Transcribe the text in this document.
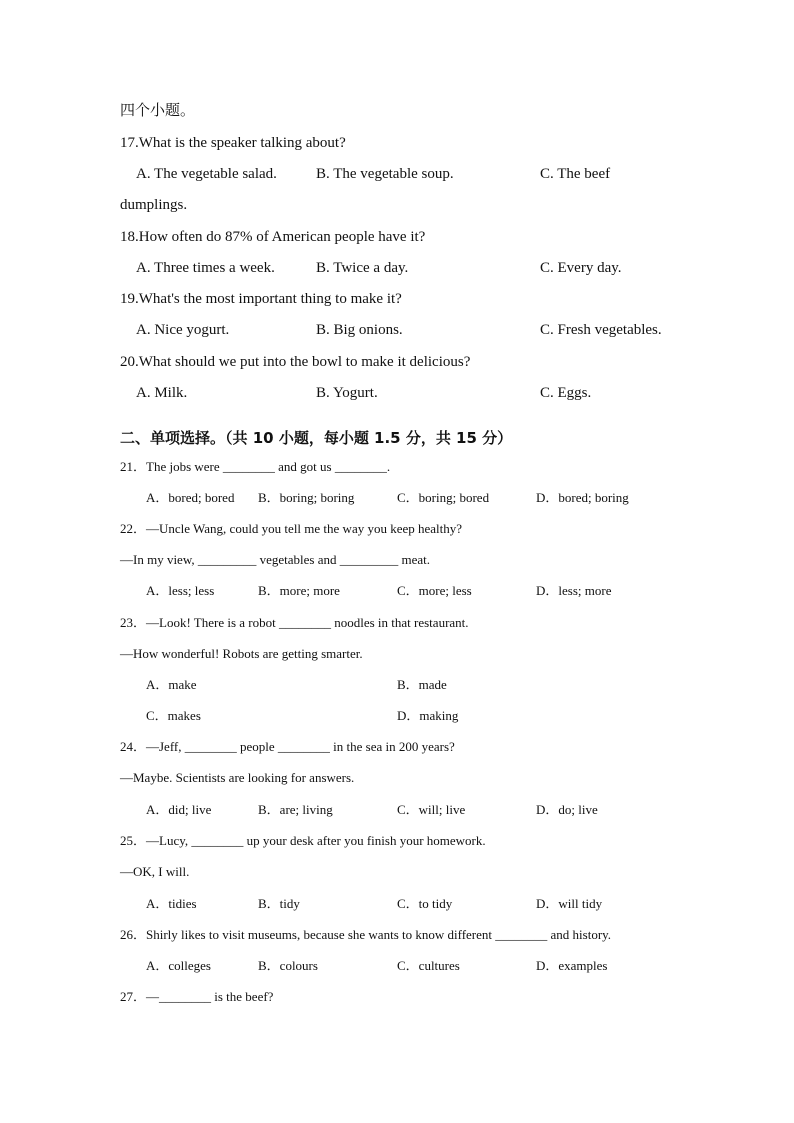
四个小题。
17.What is the speaker talking about?
A. The vegetable salad.	B. The vegetable soup.	C. The beef
dumplings.
18.How often do 87% of American people have it?
A. Three times a week.	B. Twice a day.	C. Every day.
19.What's the most important thing to make it?
A. Nice yogurt.	B. Big onions.	C. Fresh vegetables.
20.What should we put into the bowl to make it delicious?
A. Milk.	B. Yogurt.	C. Eggs.
二、单项选择。（共 10 小题，每小题 1.5 分，共 15 分）
21．The jobs were ________ and got us ________.
A．bored; bored B．boring; boring	C．boring; bored	D．bored; boring
22．—Uncle Wang, could you tell me the way you keep healthy?
—In my view, _________ vegetables and _________ meat.
A．less; less	B．more; more	C．more; less	D．less; more
23．—Look! There is a robot ________ noodles in that restaurant.
—How wonderful! Robots are getting smarter.
A．make	B．made
C．makes	D．making
24．—Jeff, ________ people ________ in the sea in 200 years?
—Maybe. Scientists are looking for answers.
A．did; live	B．are; living	C．will; live	D．do; live
25．—Lucy, ________ up your desk after you finish your homework.
—OK, I will.
A．tidies	B．tidy	C．to tidy	D．will tidy
26．Shirly likes to visit museums, because she wants to know different ________ and history.
A．colleges	B．colours	C．cultures	D．examples
27．—________ is the beef?
